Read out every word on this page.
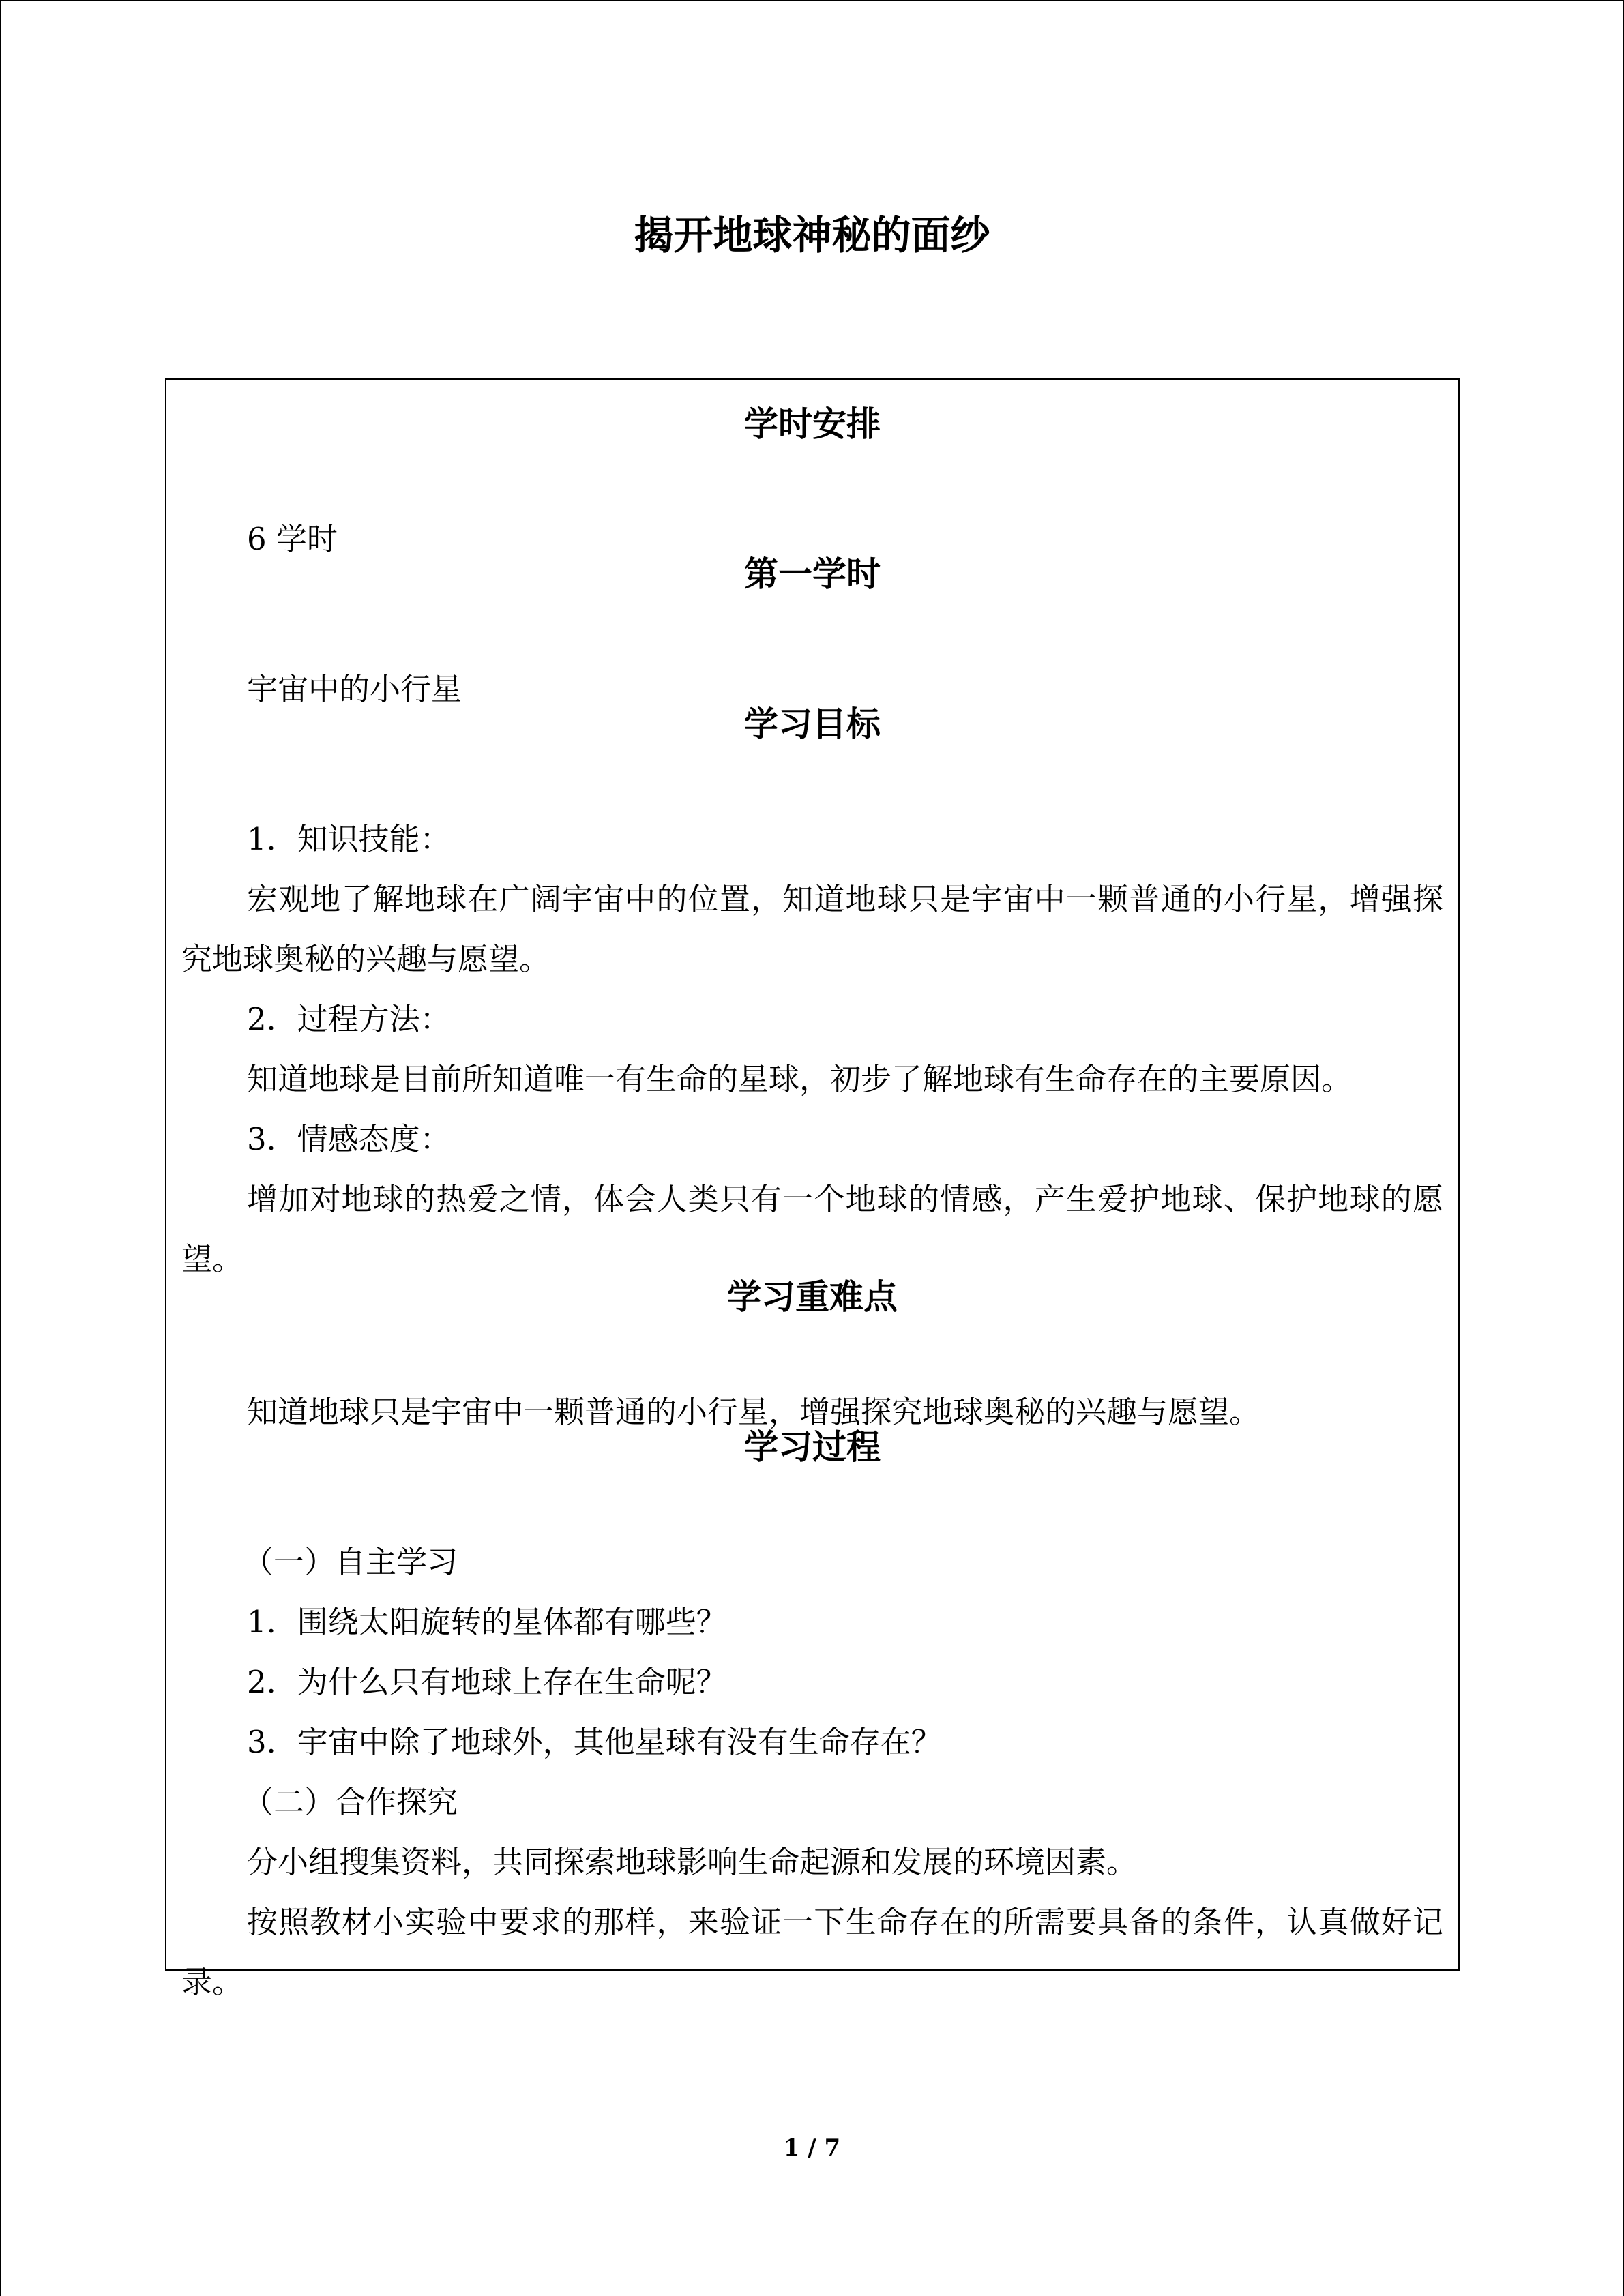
揭开地球神秘的面纱
学时安排
6 学时
第一学时
宇宙中的小行星
学习目标
1．知识技能：
宏观地了解地球在广阔宇宙中的位置，知道地球只是宇宙中一颗普通的小行星，增强探究地球奥秘的兴趣与愿望。
2．过程方法：
知道地球是目前所知道唯一有生命的星球，初步了解地球有生命存在的主要原因。
3．情感态度：
增加对地球的热爱之情，体会人类只有一个地球的情感，产生爱护地球、保护地球的愿望。
学习重难点
知道地球只是宇宙中一颗普通的小行星，增强探究地球奥秘的兴趣与愿望。
学习过程
（一）自主学习
1．围绕太阳旋转的星体都有哪些？
2．为什么只有地球上存在生命呢？
3．宇宙中除了地球外，其他星球有没有生命存在？
（二）合作探究
分小组搜集资料，共同探索地球影响生命起源和发展的环境因素。
按照教材小实验中要求的那样，来验证一下生命存在的所需要具备的条件，认真做好记录。
1 / 7
